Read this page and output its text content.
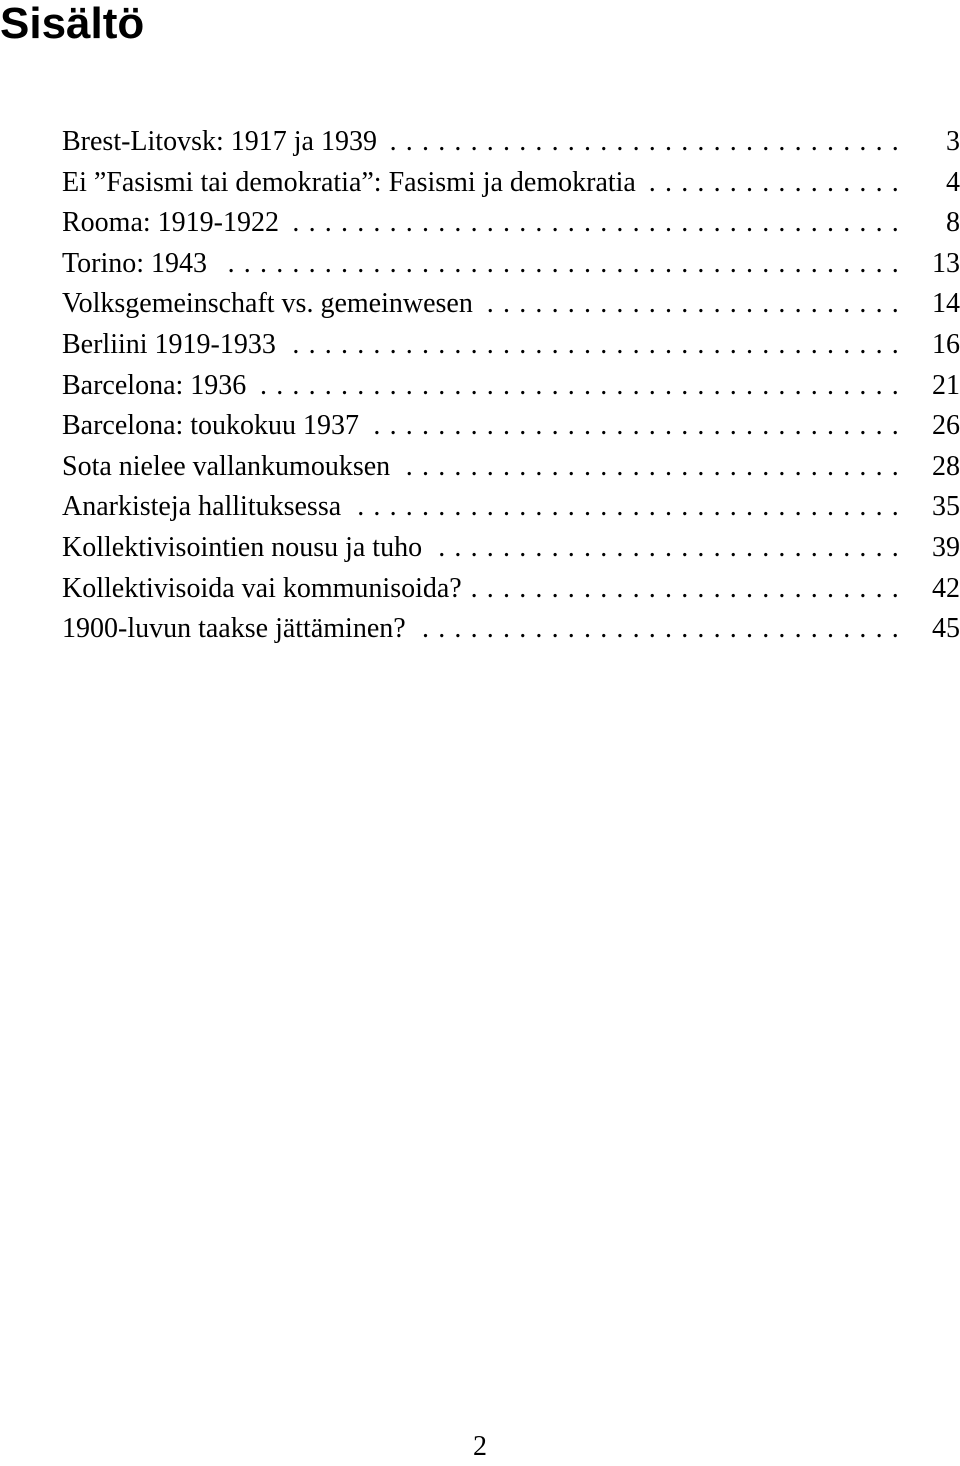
Sisältö
Brest-Litovsk: 1917 ja 1939 .....	3
Ei ”Fasismi tai demokratia”: Fasismi ja demokratia .....	4
Rooma: 1919-1922 .....	8
Torino: 1943 .....	13
Volksgemeinschaft vs. gemeinwesen .....	14
Berliini 1919-1933 .....	16
Barcelona: 1936 .....	21
Barcelona: toukokuu 1937 .....	26
Sota nielee vallankumouksen .....	28
Anarkisteja hallituksessa .....	35
Kollektivisointien nousu ja tuho .....	39
Kollektivisoida vai kommunisoida? .....	42
1900-luvun taakse jättäminen? .....	45
2
